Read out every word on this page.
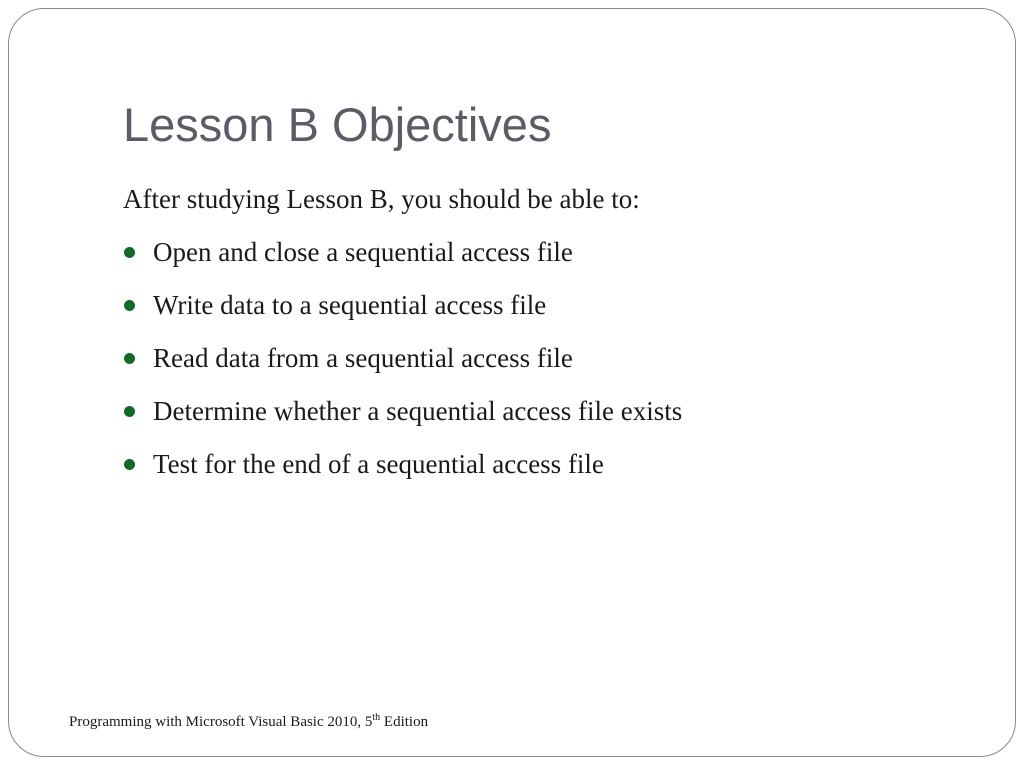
Lesson B Objectives
After studying Lesson B, you should be able to:
Open and close a sequential access file
Write data to a sequential access file
Read data from a sequential access file
Determine whether a sequential access file exists
Test for the end of a sequential access file
Programming with Microsoft Visual Basic 2010, 5th Edition
